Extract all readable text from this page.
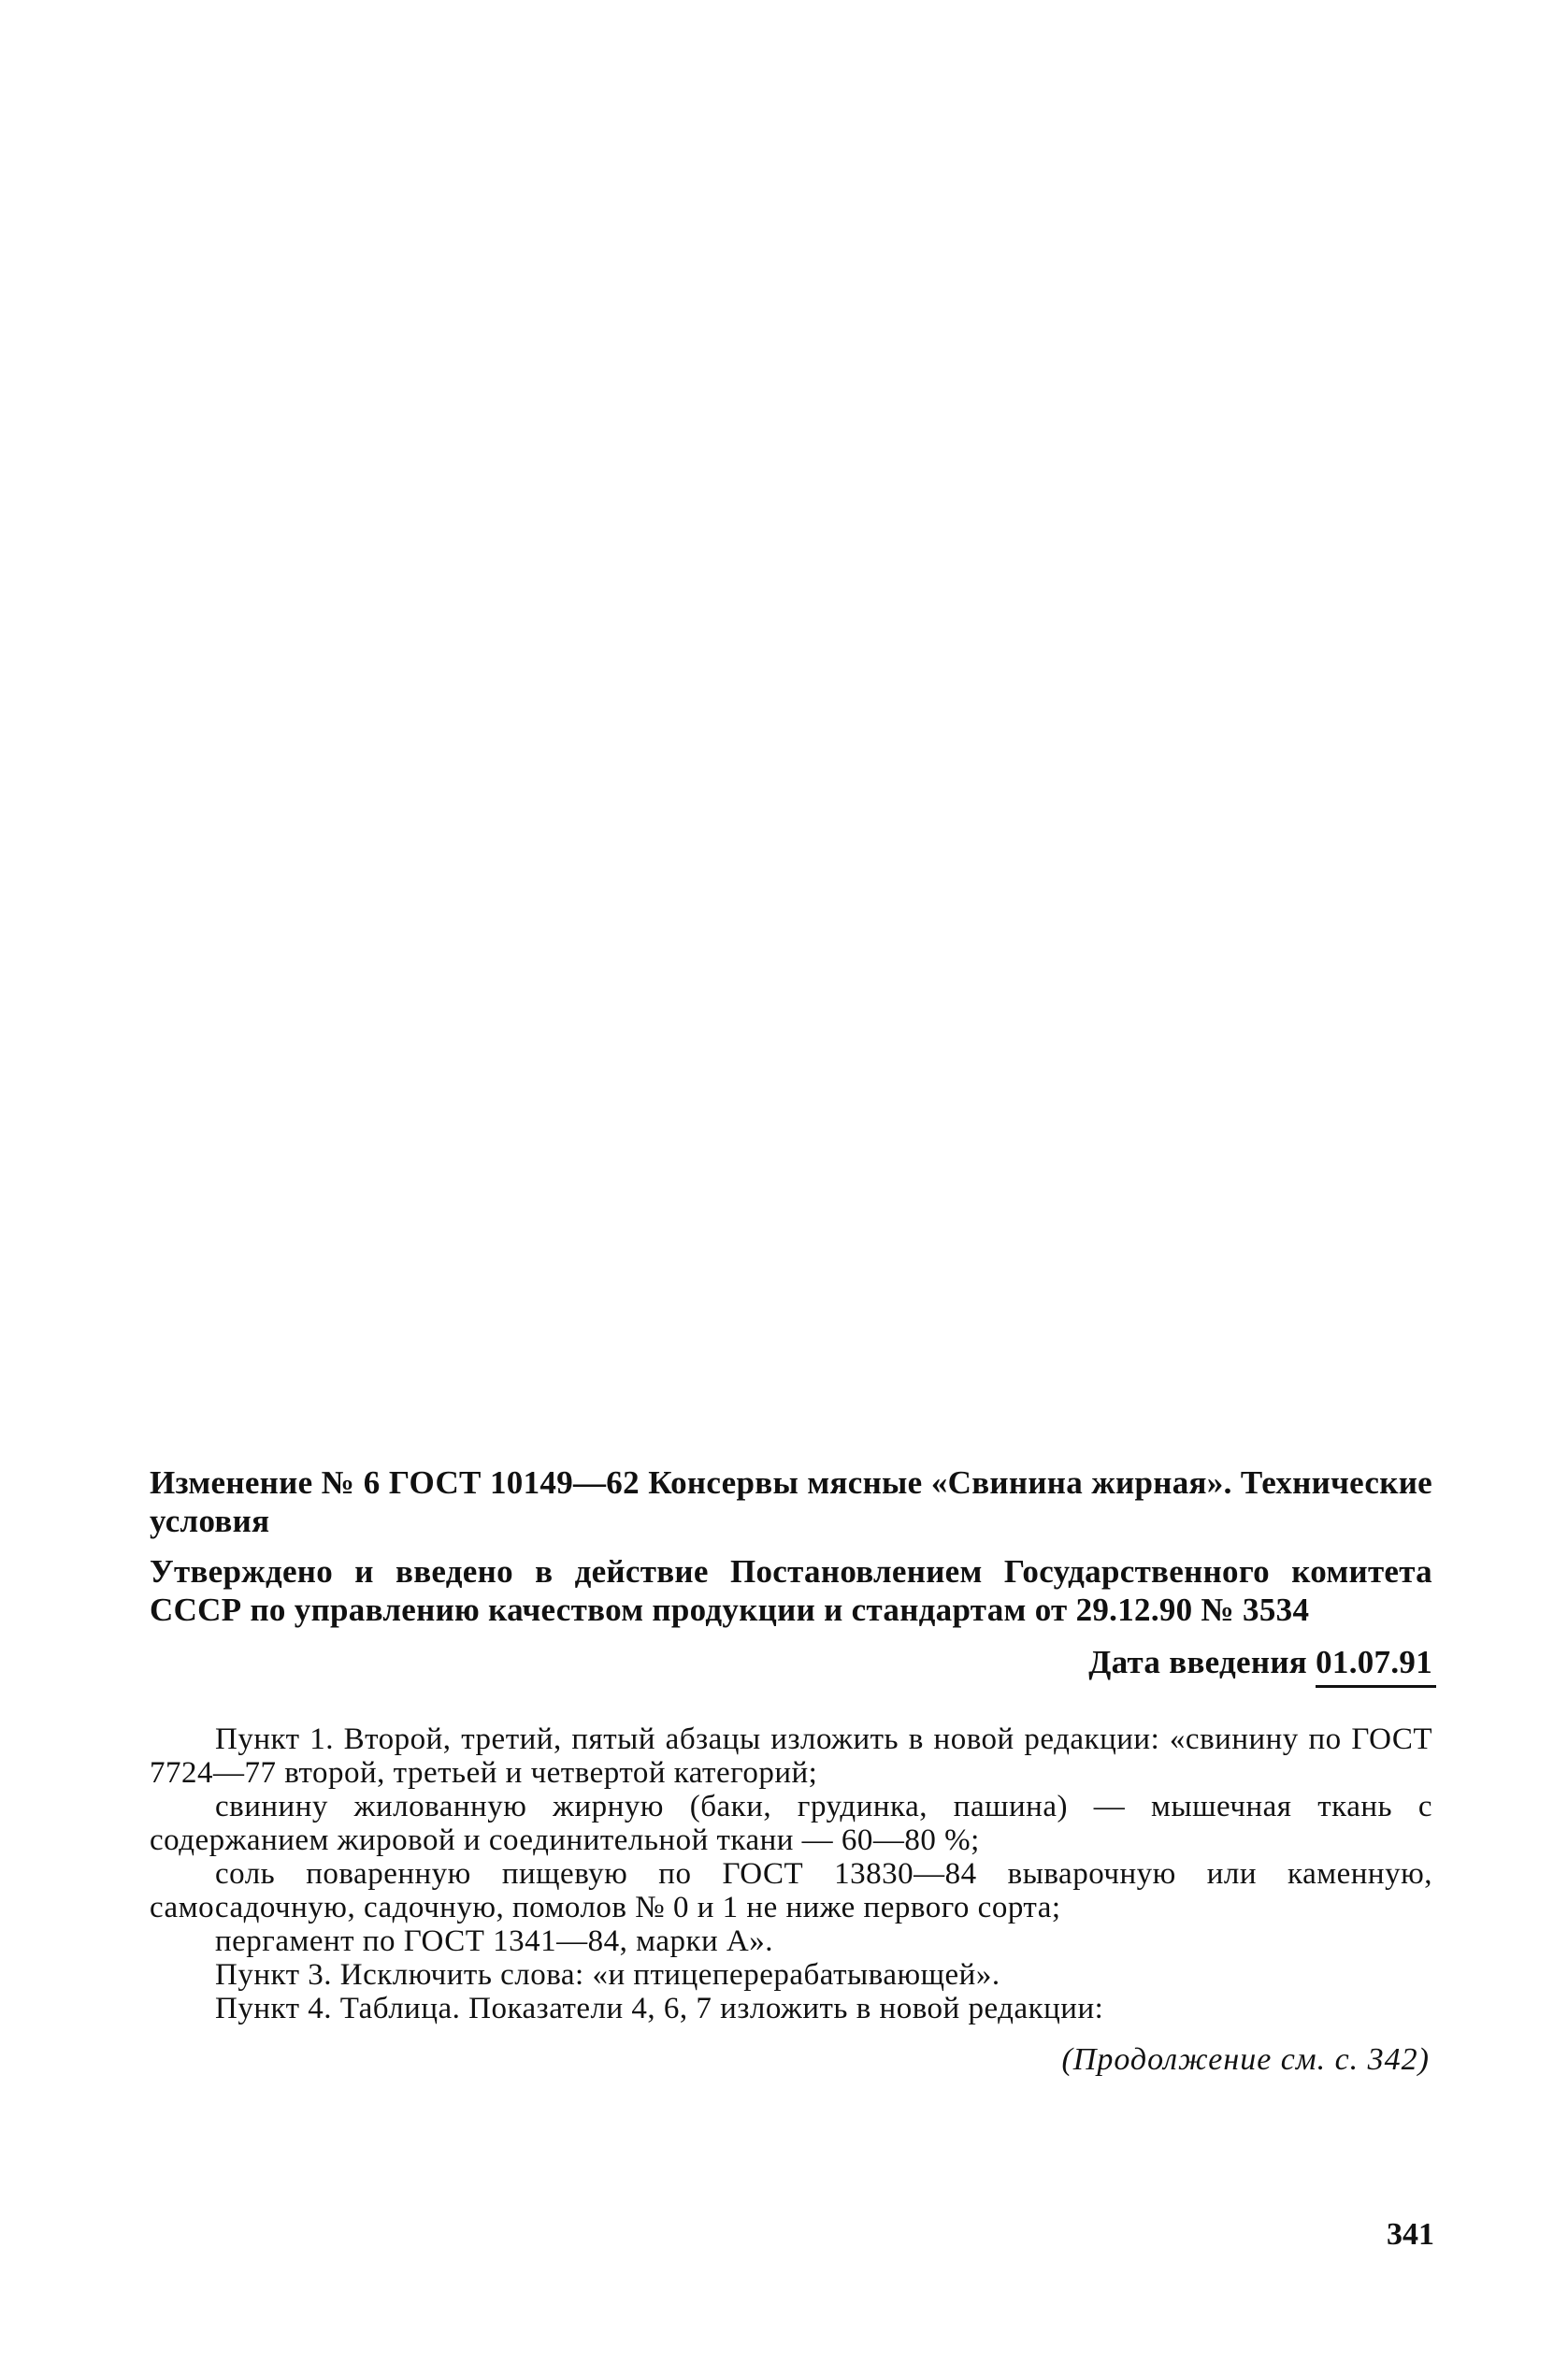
Изменение № 6 ГОСТ 10149—62 Консервы мясные «Свинина жирная». Технические условия

Утверждено и введено в действие Постановлением Государственного комитета
СССР по управлению качеством продукции и стандартам от 29.12.90 № 3534

Дата введения 01.07.91

Пункт 1. Второй, третий, пятый абзацы изложить в новой редакции: «свинину по ГОСТ 7724—77 второй, третьей и четвертой категорий;

свинину жилованную жирную (баки, грудинка, пашина) — мышечная ткань с содержанием жировой и соединительной ткани — 60—80 %;

соль поваренную пищевую по ГОСТ 13830—84 выварочную или каменную, самосадочную, садочную, помолов № 0 и 1 не ниже первого сорта;

пергамент по ГОСТ 1341—84, марки А».

Пункт 3. Исключить слова: «и птицеперерабатывающей».

Пункт 4. Таблица. Показатели 4, 6, 7 изложить в новой редакции:

(Продолжение см. с. 342)
341
